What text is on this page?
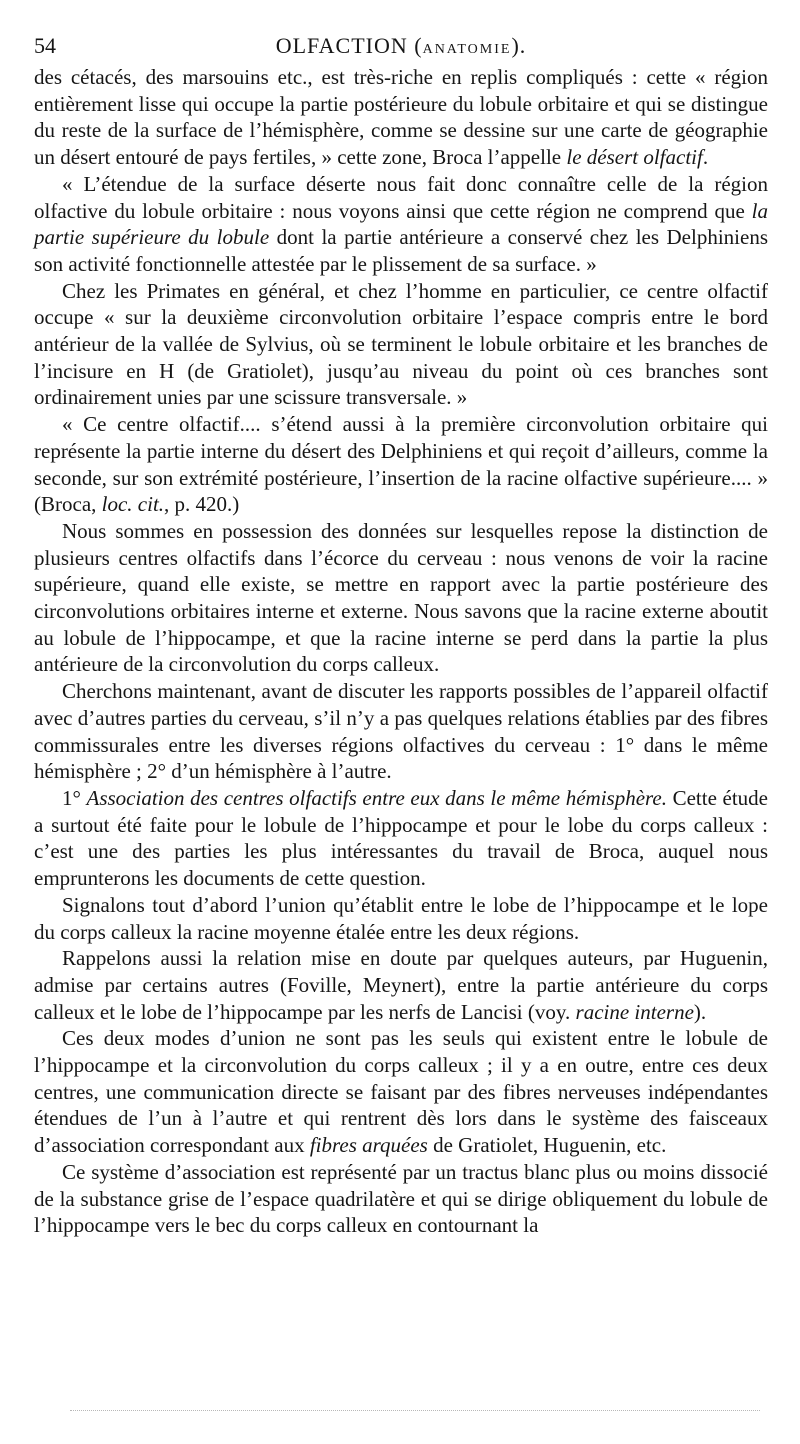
54	OLFACTION (ANATOMIE).

des cétacés, des marsouins etc., est très-riche en replis compliqués : cette « région entièrement lisse qui occupe la partie postérieure du lobule orbitaire et qui se distingue du reste de la surface de l’hémisphère, comme se dessine sur une carte de géographie un désert entouré de pays fertiles, » cette zone, Broca l’appelle le désert olfactif.

« L’étendue de la surface déserte nous fait donc connaître celle de la région olfactive du lobule orbitaire : nous voyons ainsi que cette région ne comprend que la partie supérieure du lobule dont la partie antérieure a conservé chez les Delphiniens son activité fonctionnelle attestée par le plissement de sa surface. »

Chez les Primates en général, et chez l’homme en particulier, ce centre olfactif occupe « sur la deuxième circonvolution orbitaire l’espace compris entre le bord antérieur de la vallée de Sylvius, où se terminent le lobule orbitaire et les branches de l’incisure en H (de Gratiolet), jusqu’au niveau du point où ces branches sont ordinairement unies par une scissure transversale. »

« Ce centre olfactif.... s’étend aussi à la première circonvolution orbitaire qui représente la partie interne du désert des Delphiniens et qui reçoit d’ailleurs, comme la seconde, sur son extrémité postérieure, l’insertion de la racine olfactive supérieure.... » (Broca, loc. cit., p. 420.)

Nous sommes en possession des données sur lesquelles repose la distinction de plusieurs centres olfactifs dans l’écorce du cerveau : nous venons de voir la racine supérieure, quand elle existe, se mettre en rapport avec la partie postérieure des circonvolutions orbitaires interne et externe. Nous savons que la racine externe aboutit au lobule de l’hippocampe, et que la racine interne se perd dans la partie la plus antérieure de la circonvolution du corps calleux.

Cherchons maintenant, avant de discuter les rapports possibles de l’appareil olfactif avec d’autres parties du cerveau, s’il n’y a pas quelques relations établies par des fibres commissurales entre les diverses régions olfactives du cerveau : 1° dans le même hémisphère ; 2° d’un hémisphère à l’autre.

1° Association des centres olfactifs entre eux dans le même hémisphère. Cette étude a surtout été faite pour le lobule de l’hippocampe et pour le lobe du corps calleux : c’est une des parties les plus intéressantes du travail de Broca, auquel nous emprunterons les documents de cette question.

Signalons tout d’abord l’union qu’établit entre le lobe de l’hippocampe et le lope du corps calleux la racine moyenne étalée entre les deux régions.

Rappelons aussi la relation mise en doute par quelques auteurs, par Huguenin, admise par certains autres (Foville, Meynert), entre la partie antérieure du corps calleux et le lobe de l’hippocampe par les nerfs de Lancisi (voy. racine interne).

Ces deux modes d’union ne sont pas les seuls qui existent entre le lobule de l’hippocampe et la circonvolution du corps calleux ; il y a en outre, entre ces deux centres, une communication directe se faisant par des fibres nerveuses indépendantes étendues de l’un à l’autre et qui rentrent dès lors dans le système des faisceaux d’association correspondant aux fibres arquées de Gratiolet, Huguenin, etc.

Ce système d’association est représenté par un tractus blanc plus ou moins dissocié de la substance grise de l’espace quadrilatère et qui se dirige obliquement du lobule de l’hippocampe vers le bec du corps calleux en contournant la
